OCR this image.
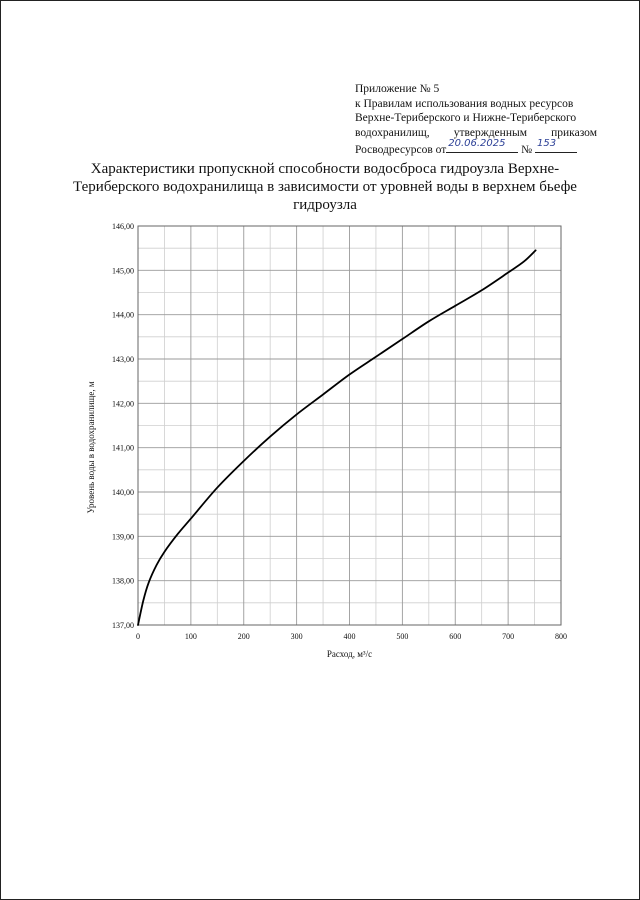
Приложение № 5
к Правилам использования водных ресурсов
Верхне-Териберского и Нижне-Териберского
водохранилищ, утвержденным приказом
Росводресурсов от
20.06.2025
№
153
Характеристики пропускной способности водосброса гидроузла Верхне-Териберского водохранилища в зависимости от уровней воды в верхнем бьефе гидроузла
0	100	200	300	400	500	600	700	800
137,00
138,00
139,00
140,00
141,00
142,00
143,00
144,00
145,00
146,00
Расход, м³/с
Уровень воды в водохранилище, м
